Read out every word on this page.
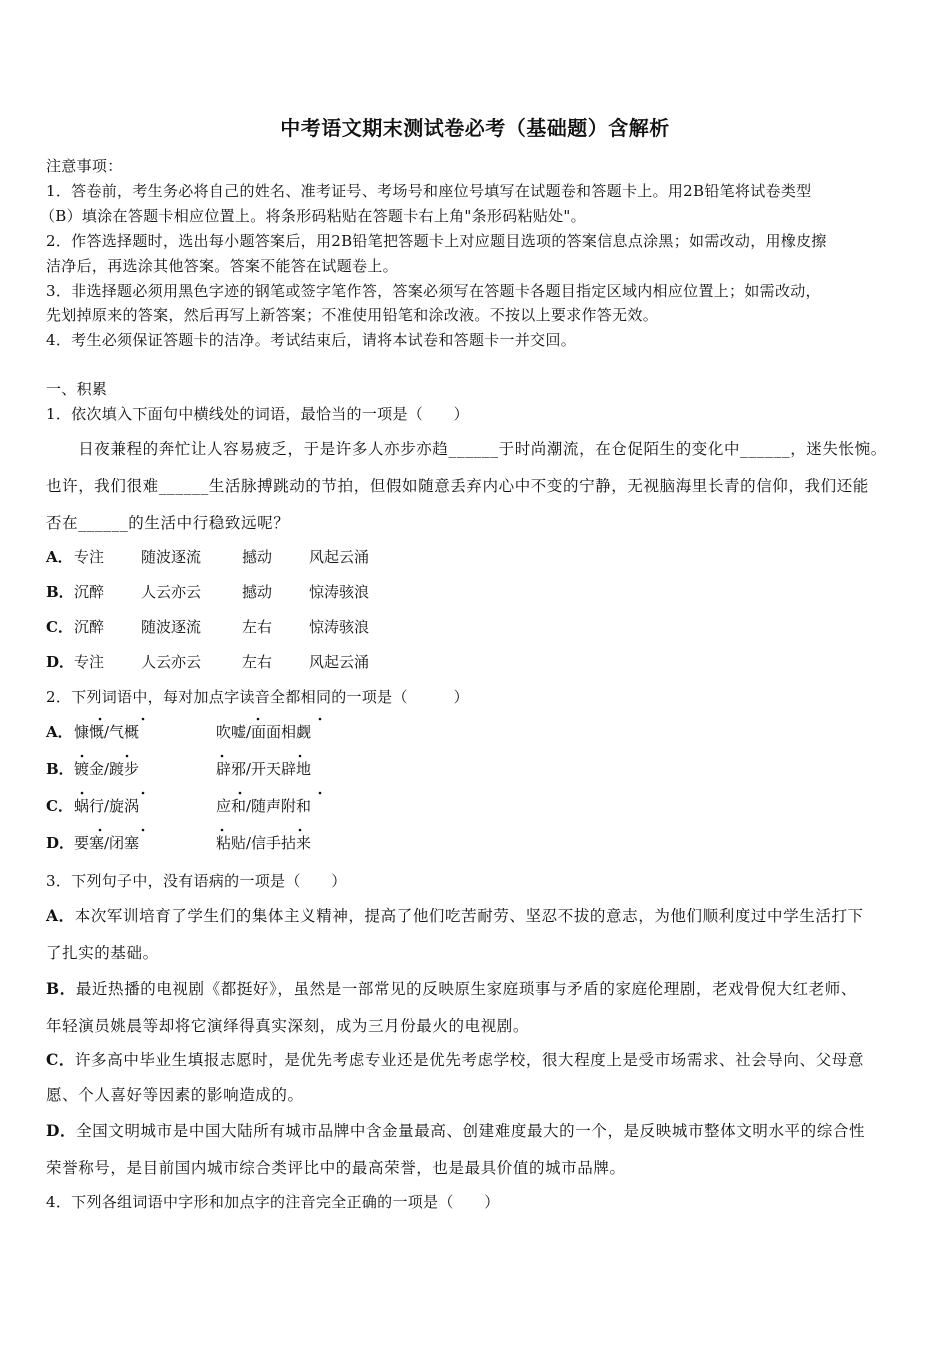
中考语文期末测试卷必考（基础题）含解析
注意事项：
1．答卷前，考生务必将自己的姓名、准考证号、考场号和座位号填写在试题卷和答题卡上。用2B铅笔将试卷类型
（B）填涂在答题卡相应位置上。将条形码粘贴在答题卡右上角"条形码粘贴处"。
2．作答选择题时，选出每小题答案后，用2B铅笔把答题卡上对应题目选项的答案信息点涂黑；如需改动，用橡皮擦
洁净后，再选涂其他答案。答案不能答在试题卷上。
3．非选择题必须用黑色字迹的钢笔或签字笔作答，答案必须写在答题卡各题目指定区域内相应位置上；如需改动，
先划掉原来的答案，然后再写上新答案；不准使用铅笔和涂改液。不按以上要求作答无效。
4．考生必须保证答题卡的洁净。考试结束后，请将本试卷和答题卡一并交回。
一、积累
1．依次填入下面句中横线处的词语，最恰当的一项是（　　）
　　日夜兼程的奔忙让人容易疲乏，于是许多人亦步亦趋______于时尚潮流，在仓促陌生的变化中______，迷失怅惋。
也许，我们很难______生活脉搏跳动的节拍，但假如随意丢弃内心中不变的宁静，无视脑海里长青的信仰，我们还能
否在______的生活中行稳致远呢？
A． 专注 随波逐流	撼动 风起云涌
B． 沉醉 人云亦云	撼动 惊涛骇浪
C． 沉醉 随波逐流	左右 惊涛骇浪
D． 专注 人云亦云	左右 风起云涌
2．下列词语中，每对加点字读音全都相同的一项是（　　　）
A． 慷慨/气概	吹嘘/面面相觑
B． 镀金/踱步	辟邪/开天辟地
C． 蜗行/旋涡	应和/随声附和
D． 要塞/闭塞	粘贴/信手拈来
3．下列句子中，没有语病的一项是（　　）
A．本次军训培育了学生们的集体主义精神，提高了他们吃苦耐劳、坚忍不拔的意志，为他们顺利度过中学生活打下
了扎实的基础。
B．最近热播的电视剧《都挺好》，虽然是一部常见的反映原生家庭琐事与矛盾的家庭伦理剧，老戏骨倪大红老师、
年轻演员姚晨等却将它演绎得真实深刻，成为三月份最火的电视剧。
C．许多高中毕业生填报志愿时，是优先考虑专业还是优先考虑学校，很大程度上是受市场需求、社会导向、父母意
愿、个人喜好等因素的影响造成的。
D．全国文明城市是中国大陆所有城市品牌中含金量最高、创建难度最大的一个，是反映城市整体文明水平的综合性
荣誉称号，是目前国内城市综合类评比中的最高荣誉，也是最具价值的城市品牌。
4．下列各组词语中字形和加点字的注音完全正确的一项是（　　）
